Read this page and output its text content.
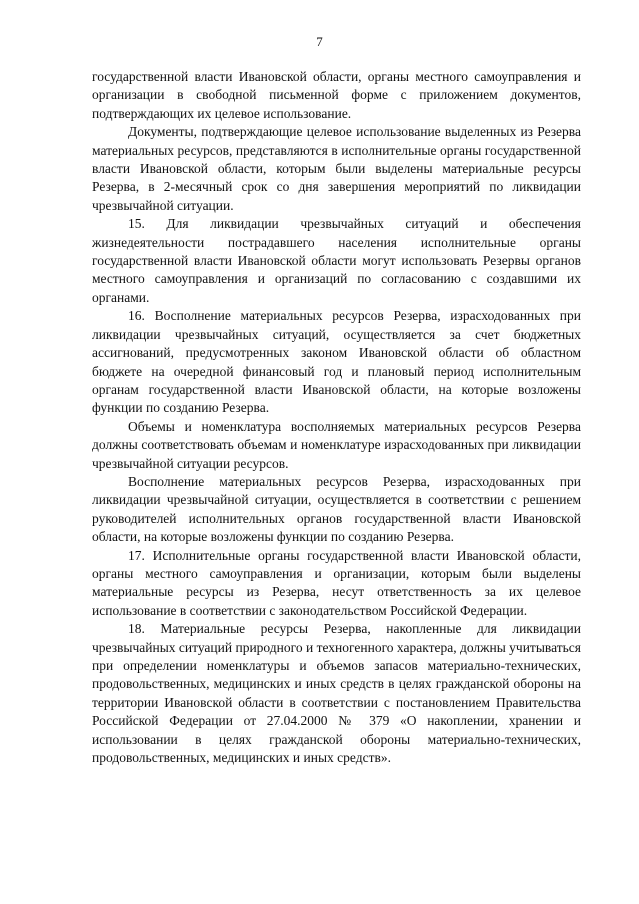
7

государственной власти Ивановской области, органы местного самоуправления и организации в свободной письменной форме с приложением документов, подтверждающих их целевое использование.

Документы, подтверждающие целевое использование выделенных из Резерва материальных ресурсов, представляются в исполнительные органы государственной власти Ивановской области, которым были выделены материальные ресурсы Резерва, в 2-месячный срок со дня завершения мероприятий по ликвидации чрезвычайной ситуации.

15. Для ликвидации чрезвычайных ситуаций и обеспечения жизнедеятельности пострадавшего населения исполнительные органы государственной власти Ивановской области могут использовать Резервы органов местного самоуправления и организаций по согласованию с создавшими их органами.

16. Восполнение материальных ресурсов Резерва, израсходованных при ликвидации чрезвычайных ситуаций, осуществляется за счет бюджетных ассигнований, предусмотренных законом Ивановской области об областном бюджете на очередной финансовый год и плановый период исполнительным органам государственной власти Ивановской области, на которые возложены функции по созданию Резерва.

Объемы и номенклатура восполняемых материальных ресурсов Резерва должны соответствовать объемам и номенклатуре израсходованных при ликвидации чрезвычайной ситуации ресурсов.

Восполнение материальных ресурсов Резерва, израсходованных при ликвидации чрезвычайной ситуации, осуществляется в соответствии с решением руководителей исполнительных органов государственной власти Ивановской области, на которые возложены функции по созданию Резерва.

17. Исполнительные органы государственной власти Ивановской области, органы местного самоуправления и организации, которым были выделены материальные ресурсы из Резерва, несут ответственность за их целевое использование в соответствии с законодательством Российской Федерации.

18. Материальные ресурсы Резерва, накопленные для ликвидации чрезвычайных ситуаций природного и техногенного характера, должны учитываться при определении номенклатуры и объемов запасов материально-технических, продовольственных, медицинских и иных средств в целях гражданской обороны на территории Ивановской области в соответствии с постановлением Правительства Российской Федерации от 27.04.2000 № 379 «О накоплении, хранении и использовании в целях гражданской обороны материально-технических, продовольственных, медицинских и иных средств».
